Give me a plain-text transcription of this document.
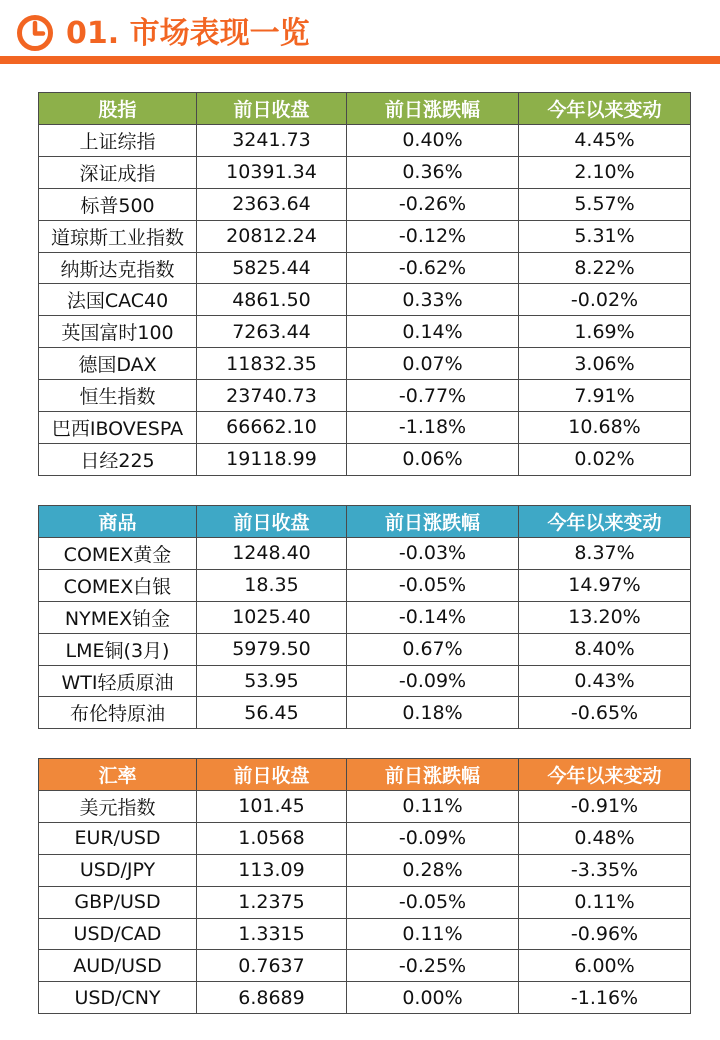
01. 市场表现一览
股指	前日收盘	前日涨跌幅	今年以来变动
上证综指	3241.73	0.40%	4.45%
深证成指	10391.34	0.36%	2.10%
标普500	2363.64	-0.26%	5.57%
道琼斯工业指数	20812.24	-0.12%	5.31%
纳斯达克指数	5825.44	-0.62%	8.22%
法国CAC40	4861.50	0.33%	-0.02%
英国富时100	7263.44	0.14%	1.69%
德国DAX	11832.35	0.07%	3.06%
恒生指数	23740.73	-0.77%	7.91%
巴西IBOVESPA	66662.10	-1.18%	10.68%
日经225	19118.99	0.06%	0.02%
商品	前日收盘	前日涨跌幅	今年以来变动
COMEX黄金	1248.40	-0.03%	8.37%
COMEX白银	18.35	-0.05%	14.97%
NYMEX铂金	1025.40	-0.14%	13.20%
LME铜(3月)	5979.50	0.67%	8.40%
WTI轻质原油	53.95	-0.09%	0.43%
布伦特原油	56.45	0.18%	-0.65%
汇率	前日收盘	前日涨跌幅	今年以来变动
美元指数	101.45	0.11%	-0.91%
EUR/USD	1.0568	-0.09%	0.48%
USD/JPY	113.09	0.28%	-3.35%
GBP/USD	1.2375	-0.05%	0.11%
USD/CAD	1.3315	0.11%	-0.96%
AUD/USD	0.7637	-0.25%	6.00%
USD/CNY	6.8689	0.00%	-1.16%
